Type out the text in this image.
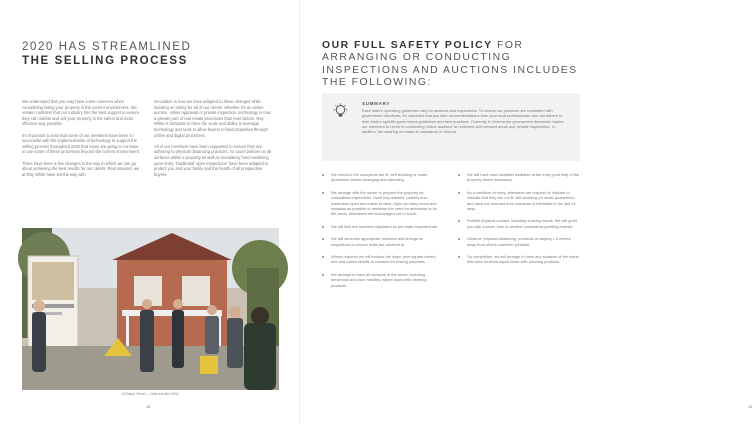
2020 HAS STREAMLINED
THE SELLING PROCESS

We understand that you may have some concerns when considering listing your property in the current environment. We remain confident that our industry has the best support to ensure they can market and sell your property in the safest and most effective way possible.

It's important to note that some of our members have been so successful with the implementation of technology to support the selling process throughout 2020 that many are going to continue to use some of these processes beyond the current environment.

There have been a few changes to the way in which we can go about achieving the best results for our clients. Rest assured, we at Ray White have led the way with

innovation in how we have adapted to these changes while insisting on safety for all of our clients. Whether it's an online auction, online appraisal or private inspection, technology is now a greater part of real estate processes than ever before. Ray White is fortunate to have the scale and ability to leverage technology and tools to allow buyers to bind properties through online and digital processes.

All of our members have been supported to ensure they are adhering to physical distancing practices, no touch policies on all surfaces within a property as well as mandatory hand sanitising upon entry. Traditional 'open inspections' have been adapted to protect you and your family and the health of all prospective buyers.

15 Black Street — Marrickville NSW
18
OUR FULL SAFETY POLICY FOR ARRANGING OR CONDUCTING INSPECTIONS AND AUCTIONS INCLUDES THE FOLLOWING:
SUMMARY
Each state's operating guidelines vary for auctions and inspections. To ensure our practices are consistent with government directives, it's important that you take recommendations from your local professionals who will adhere to their state's specific government guidelines and best practices. Currently in Victoria the government directives require our members to revert to conducting 'online auctions' to restricted and relevant areas and 'private inspections'. In addition, the wearing of masks is mandatory in Victoria.
We check-in the occupants are fit, self isolating or under quarantine before arranging and attending.
We arrange with the owner to prepare the property for contactless inspections. Have key drawers, portlets and wardrobes open and inside to view. Open as many doors and windows as possible to minimise the need for attendees to do the same. Attendees are encouraged not to touch.
We will limit the numbers stipulated as per state requirements.
We will schedule appropriate numbers and timings for inspections to ensure limits are adhered to.
Where required we will enforce the 4sqm (one square metre) rule and collect details of contacts for tracing purposes.
We arrange to have all surfaces of the home, including benchtops and door handles, wiped down with cleaning products.
We will have hand sanitiser available at the entry (and exit) of the property where necessary.
As a condition of entry, attendees are required to indicate to indicate that they are not ill, self-isolating (or under quarantine) and have not returned from overseas or interstate in the last 14 days.
Prohibit physical contact, including shaking hands. We will greet you with a wave, bow or another contactless greeting instead.
Observe 'physical distancing' protocols of staying 1.5 metres away from others wherever possible.
On completion, we will arrange to have any surfaces of the home that were touched wiped down with cleaning products.
19
